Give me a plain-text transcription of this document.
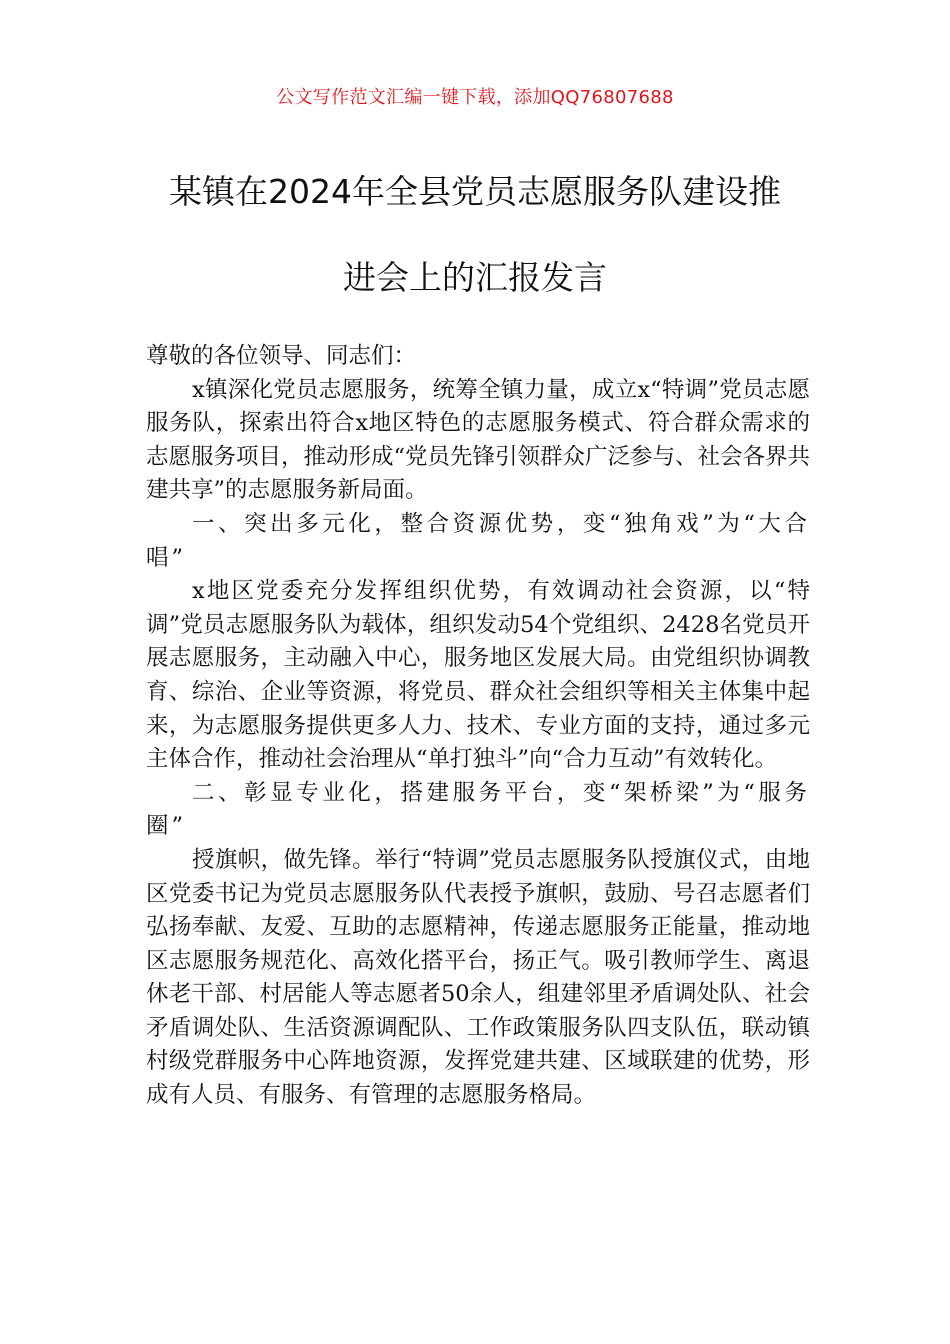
公文写作范文汇编一键下载，添加QQ76807688
某镇在2024年全县党员志愿服务队建设推
进会上的汇报发言

尊敬的各位领导、同志们：

x镇深化党员志愿服务，统筹全镇力量，成立x“特调”党员志愿服务队，探索出符合x地区特色的志愿服务模式、符合群众需求的志愿服务项目，推动形成“党员先锋引领群众广泛参与、社会各界共建共享”的志愿服务新局面。

一、突出多元化，整合资源优势，变“独角戏”为“大合唱”

x地区党委充分发挥组织优势，有效调动社会资源，以“特调”党员志愿服务队为载体，组织发动54个党组织、2428名党员开展志愿服务，主动融入中心，服务地区发展大局。由党组织协调教育、综治、企业等资源，将党员、群众社会组织等相关主体集中起来，为志愿服务提供更多人力、技术、专业方面的支持，通过多元主体合作，推动社会治理从“单打独斗”向“合力互动”有效转化。

二、彰显专业化，搭建服务平台，变“架桥梁”为“服务圈”

授旗帜，做先锋。举行“特调”党员志愿服务队授旗仪式，由地区党委书记为党员志愿服务队代表授予旗帜，鼓励、号召志愿者们弘扬奉献、友爱、互助的志愿精神，传递志愿服务正能量，推动地区志愿服务规范化、高效化搭平台，扬正气。吸引教师学生、离退休老干部、村居能人等志愿者50余人，组建邻里矛盾调处队、社会矛盾调处队、生活资源调配队、工作政策服务队四支队伍，联动镇村级党群服务中心阵地资源，发挥党建共建、区域联建的优势，形成有人员、有服务、有管理的志愿服务格局。
